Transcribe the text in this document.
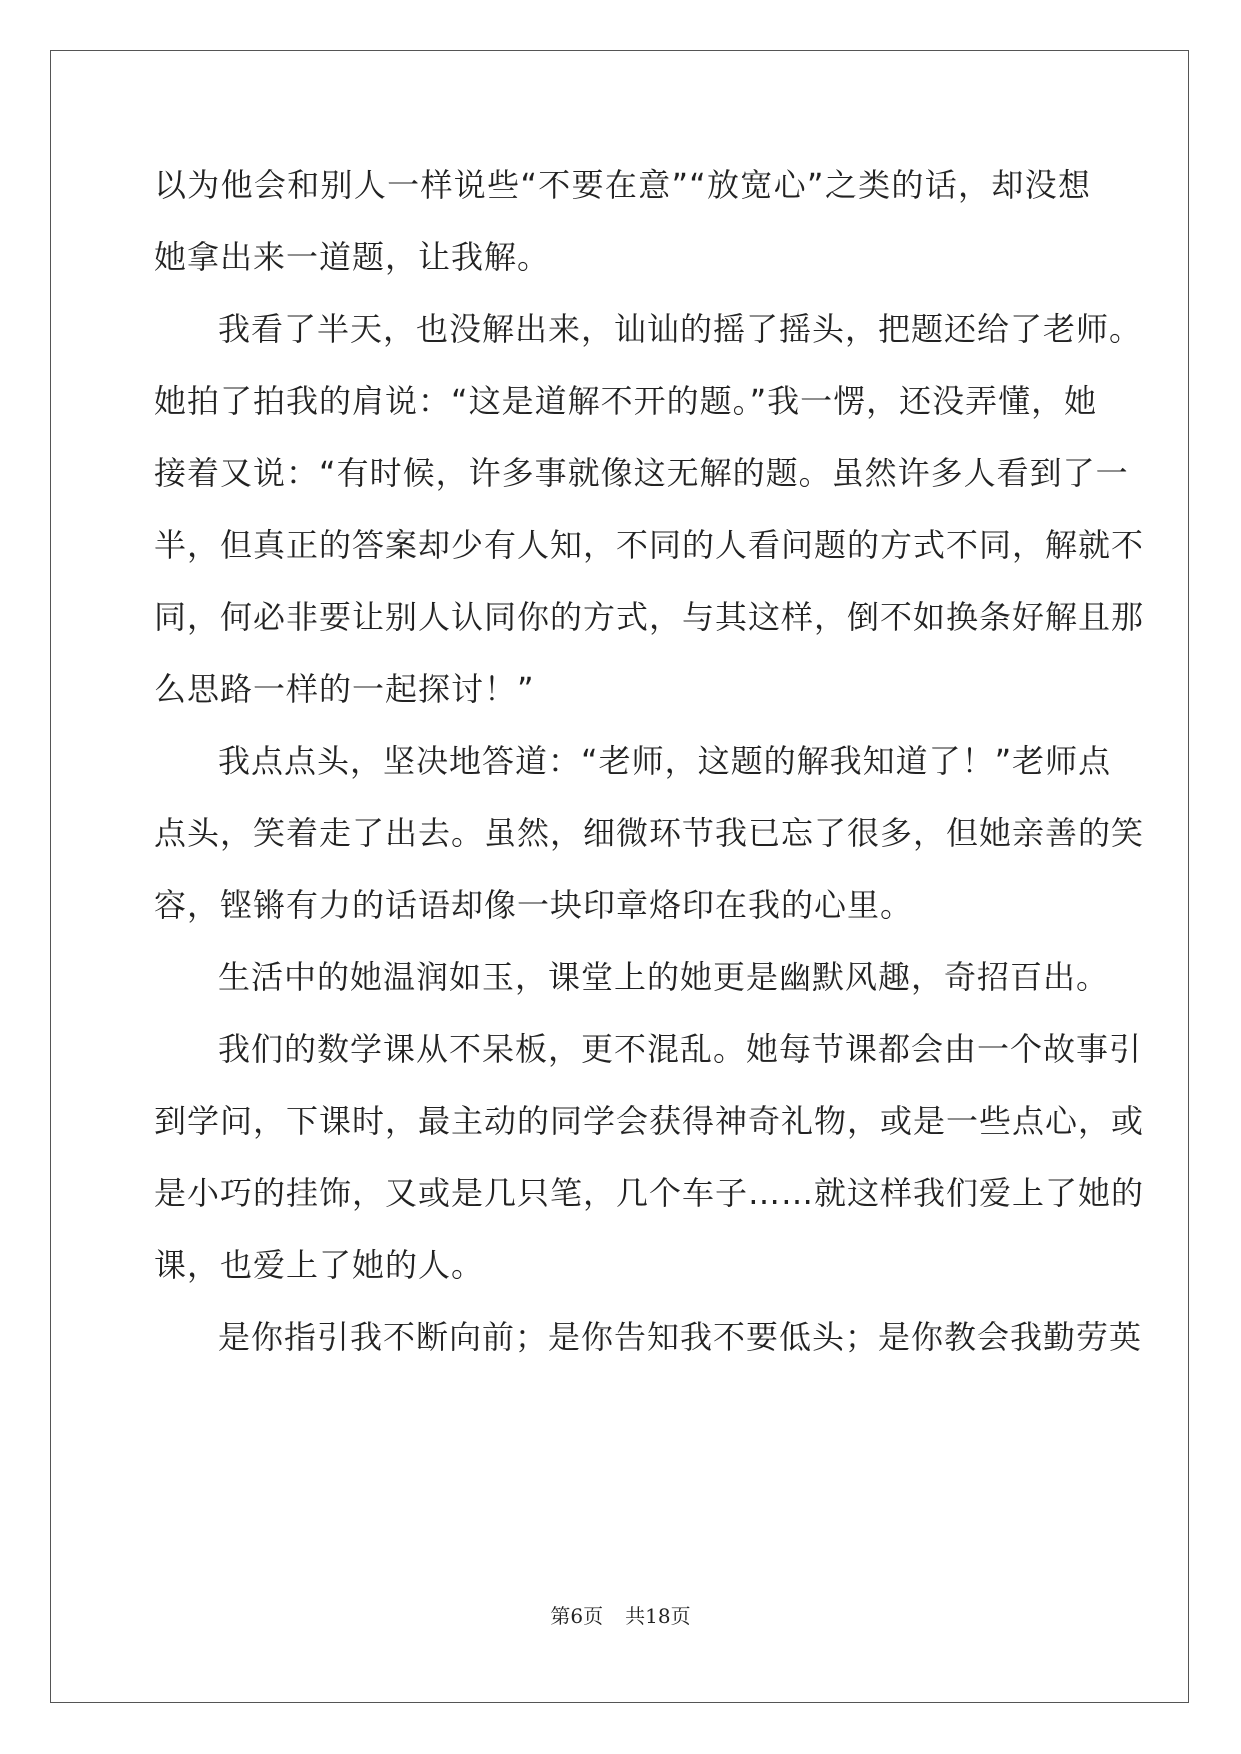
以为他会和别人一样说些“不要在意”“放宽心”之类的话，却没想
她拿出来一道题，让我解。
我看了半天，也没解出来，讪讪的摇了摇头，把题还给了老师。
她拍了拍我的肩说：“这是道解不开的题。”我一愣，还没弄懂，她
接着又说：“有时候，许多事就像这无解的题。虽然许多人看到了一
半，但真正的答案却少有人知，不同的人看问题的方式不同，解就不
同，何必非要让别人认同你的方式，与其这样，倒不如换条好解且那
么思路一样的一起探讨！”
我点点头，坚决地答道：“老师，这题的解我知道了！”老师点
点头，笑着走了出去。虽然，细微环节我已忘了很多，但她亲善的笑
容，铿锵有力的话语却像一块印章烙印在我的心里。
生活中的她温润如玉，课堂上的她更是幽默风趣，奇招百出。
我们的数学课从不呆板，更不混乱。她每节课都会由一个故事引
到学问，下课时，最主动的同学会获得神奇礼物，或是一些点心，或
是小巧的挂饰，又或是几只笔，几个车子……就这样我们爱上了她的
课，也爱上了她的人。
是你指引我不断向前；是你告知我不要低头；是你教会我勤劳英
第6页 共18页
